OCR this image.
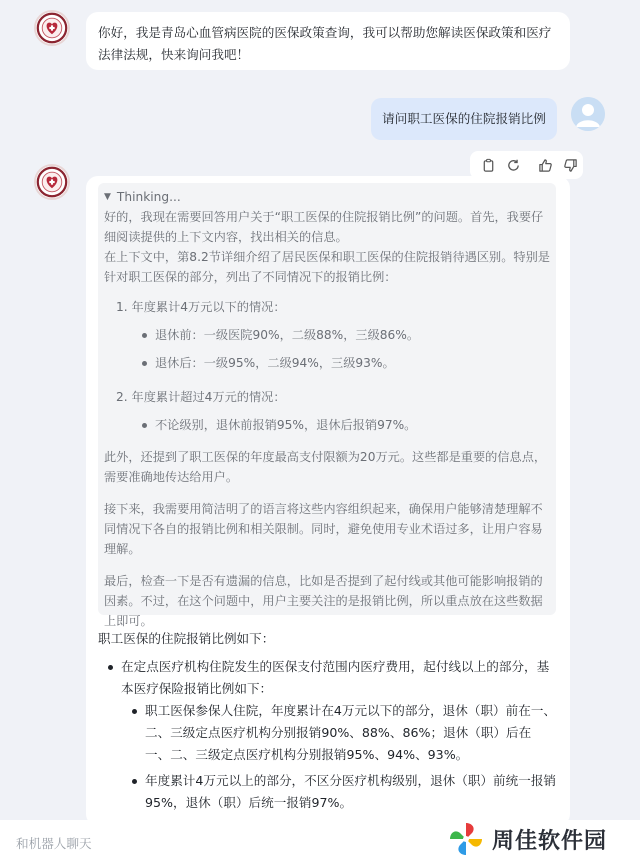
你好，我是青岛心血管病医院的医保政策查询，我可以帮助您解读医保政策和医疗法律法规，快来询问我吧！
请问职工医保的住院报销比例
▼ Thinking...
好的，我现在需要回答用户关于“职工医保的住院报销比例”的问题。首先，我要仔细阅读提供的上下文内容，找出相关的信息。
在上下文中，第8.2节详细介绍了居民医保和职工医保的住院报销待遇区别。特别是针对职工医保的部分，列出了不同情况下的报销比例：
1. 年度累计4万元以下的情况：
退休前：一级医院90%，二级88%，三级86%。
退休后：一级95%，二级94%，三级93%。
2. 年度累计超过4万元的情况：
不论级别，退休前报销95%，退休后报销97%。
此外，还提到了职工医保的年度最高支付限额为20万元。这些都是重要的信息点，需要准确地传达给用户。
接下来，我需要用简洁明了的语言将这些内容组织起来，确保用户能够清楚理解不同情况下各自的报销比例和相关限制。同时，避免使用专业术语过多，让用户容易理解。
最后，检查一下是否有遗漏的信息，比如是否提到了起付线或其他可能影响报销的因素。不过，在这个问题中，用户主要关注的是报销比例，所以重点放在这些数据上即可。
职工医保的住院报销比例如下：
在定点医疗机构住院发生的医保支付范围内医疗费用，起付线以上的部分，基本医疗保险报销比例如下：
职工医保参保人住院，年度累计在4万元以下的部分，退休（职）前在一、二、三级定点医疗机构分别报销90%、88%、86%；退休（职）后在一、二、三级定点医疗机构分别报销95%、94%、93%。
年度累计4万元以上的部分，不区分医疗机构级别，退休（职）前统一报销95%，退休（职）后统一报销97%。
和机器人聊天	周佳软件园
